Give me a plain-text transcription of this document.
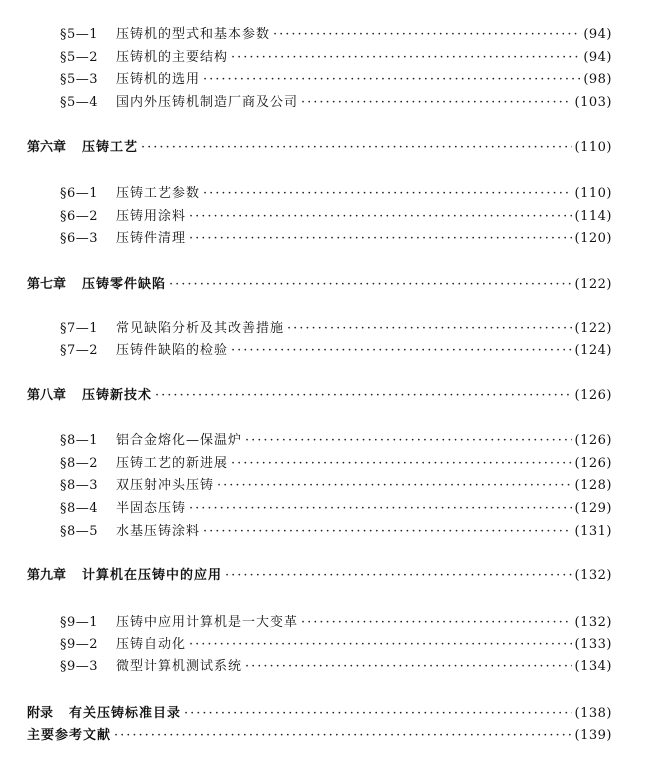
§5—1	压铸机的型式和基本参数 ·····	(94)
§5—2	压铸机的主要结构 ·····	(94)
§5—3	压铸机的选用 ·····	(98)
§5—4	国内外压铸机制造厂商及公司 ·····	(103)
第六章 压铸工艺 ·····	(110)
§6—1	压铸工艺参数 ·····	(110)
§6—2	压铸用涂料 ·····	(114)
§6—3	压铸件清理 ·····	(120)
第七章 压铸零件缺陷 ·····	(122)
§7—1	常见缺陷分析及其改善措施 ·····	(122)
§7—2	压铸件缺陷的检验 ·····	(124)
第八章 压铸新技术 ·····	(126)
§8—1	铝合金熔化—保温炉 ·····	(126)
§8—2	压铸工艺的新进展 ·····	(126)
§8—3	双压射冲头压铸 ·····	(128)
§8—4	半固态压铸 ·····	(129)
§8—5	水基压铸涂料 ·····	(131)
第九章 计算机在压铸中的应用 ·····	(132)
§9—1	压铸中应用计算机是一大变革 ·····	(132)
§9—2	压铸自动化 ·····	(133)
§9—3	微型计算机测试系统 ·····	(134)
附录 有关压铸标准目录 ·····	(138)
主要参考文献 ·····	(139)
